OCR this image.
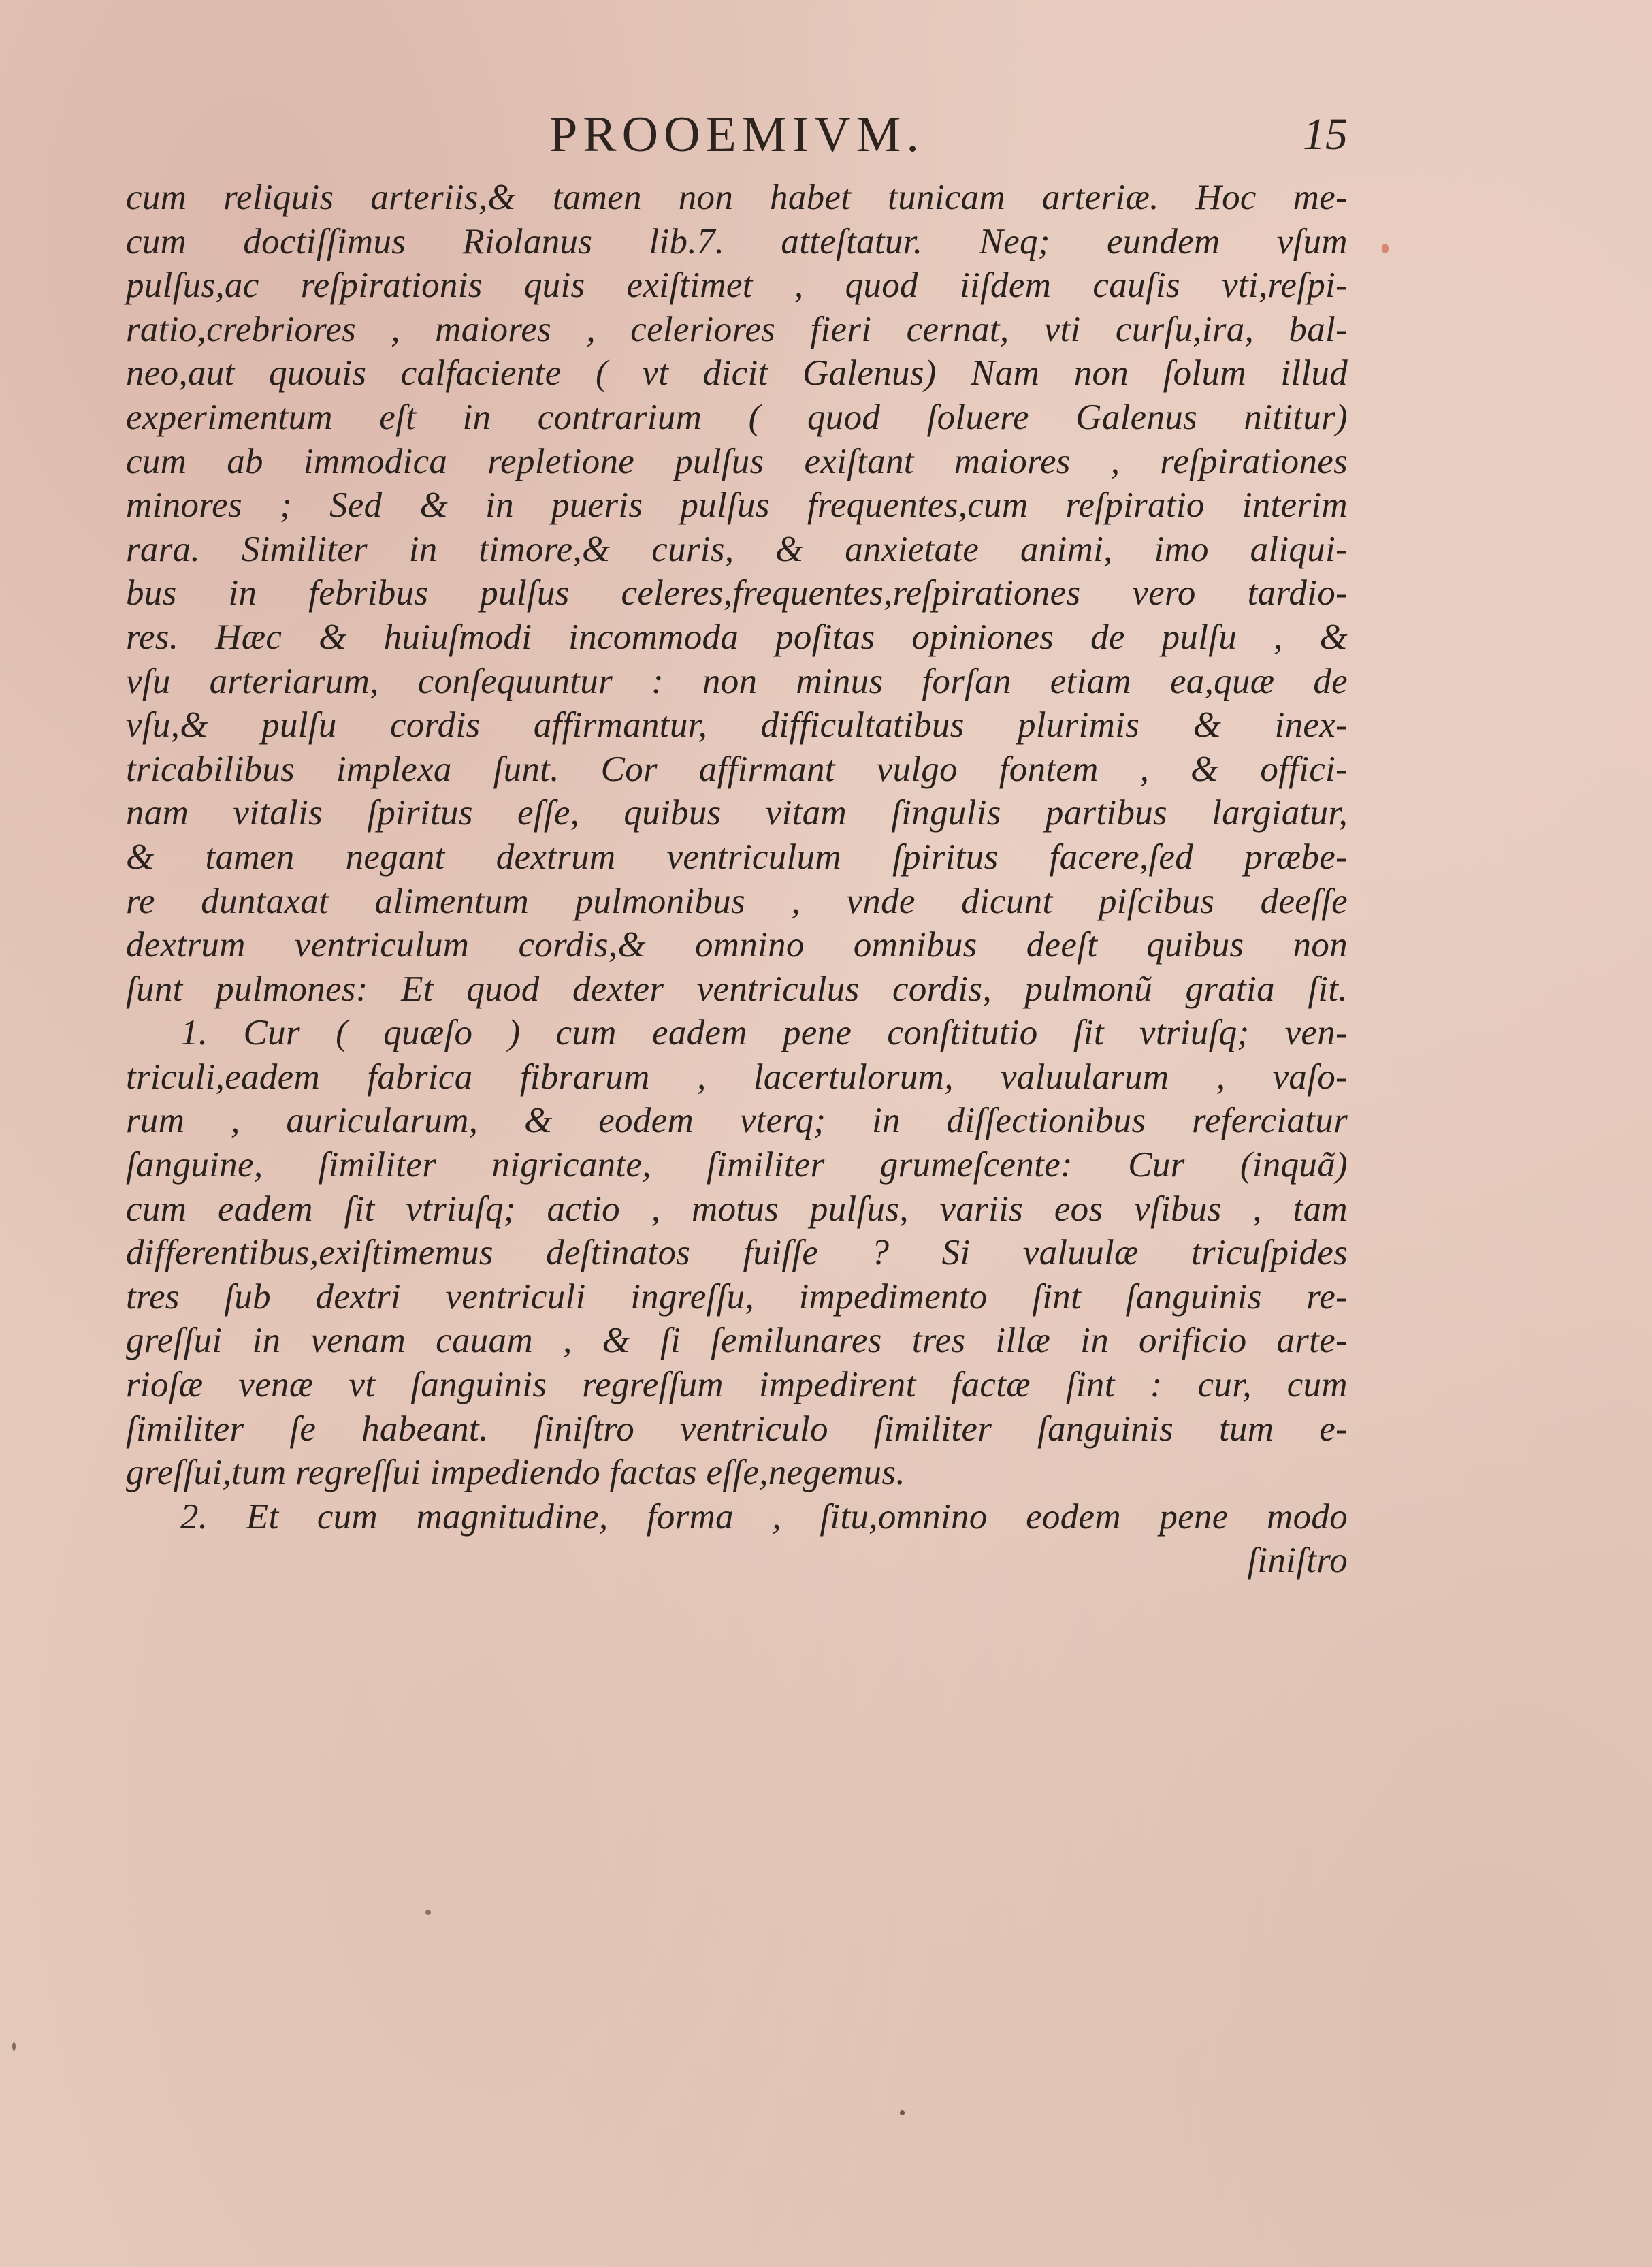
PROOEMIVM.	15
cum reliquis arteriis,& tamen non habet tunicam arteriæ. Hoc me-
cum doctiſſimus Riolanus lib.7. atteſtatur. Neq; eundem vſum
pulſus,ac reſpirationis quis exiſtimet , quod iiſdem cauſis vti,reſpi-
ratio,crebriores , maiores , celeriores fieri cernat, vti curſu,ira, bal-
neo,aut quouis calfaciente ( vt dicit Galenus) Nam non ſolum illud
experimentum eſt in contrarium ( quod ſoluere Galenus nititur)
cum ab immodica repletione pulſus exiſtant maiores , reſpirationes
minores ; Sed & in pueris pulſus frequentes,cum reſpiratio interim
rara. Similiter in timore,& curis, & anxietate animi, imo aliqui-
bus in febribus pulſus celeres,frequentes,reſpirationes vero tardio-
res. Hæc & huiuſmodi incommoda poſitas opiniones de pulſu , &
vſu arteriarum, conſequuntur : non minus forſan etiam ea,quæ de
vſu,& pulſu cordis affirmantur, difficultatibus plurimis & inex-
tricabilibus implexa ſunt. Cor affirmant vulgo fontem , & offici-
nam vitalis ſpiritus eſſe, quibus vitam ſingulis partibus largiatur,
& tamen negant dextrum ventriculum ſpiritus facere,ſed præbe-
re duntaxat alimentum pulmonibus , vnde dicunt piſcibus deeſſe
dextrum ventriculum cordis,& omnino omnibus deeſt quibus non
ſunt pulmones: Et quod dexter ventriculus cordis, pulmonũ gratia ſit.
1. Cur ( quæſo ) cum eadem pene conſtitutio ſit vtriuſq; ven-
triculi,eadem fabrica fibrarum , lacertulorum, valuularum , vaſo-
rum , auricularum, & eodem vterq; in diſſectionibus referciatur
ſanguine, ſimiliter nigricante, ſimiliter grumeſcente: Cur (inquã)
cum eadem ſit vtriuſq; actio , motus pulſus, variis eos vſibus , tam
differentibus,exiſtimemus deſtinatos fuiſſe ? Si valuulæ tricuſpides
tres ſub dextri ventriculi ingreſſu, impedimento ſint ſanguinis re-
greſſui in venam cauam , & ſi ſemilunares tres illæ in orificio arte-
rioſæ venæ vt ſanguinis regreſſum impedirent factæ ſint : cur, cum
ſimiliter ſe habeant. ſiniſtro ventriculo ſimiliter ſanguinis tum e-
greſſui,tum regreſſui impediendo factas eſſe,negemus.
2. Et cum magnitudine, forma , ſitu,omnino eodem pene modo
ſiniſtro
